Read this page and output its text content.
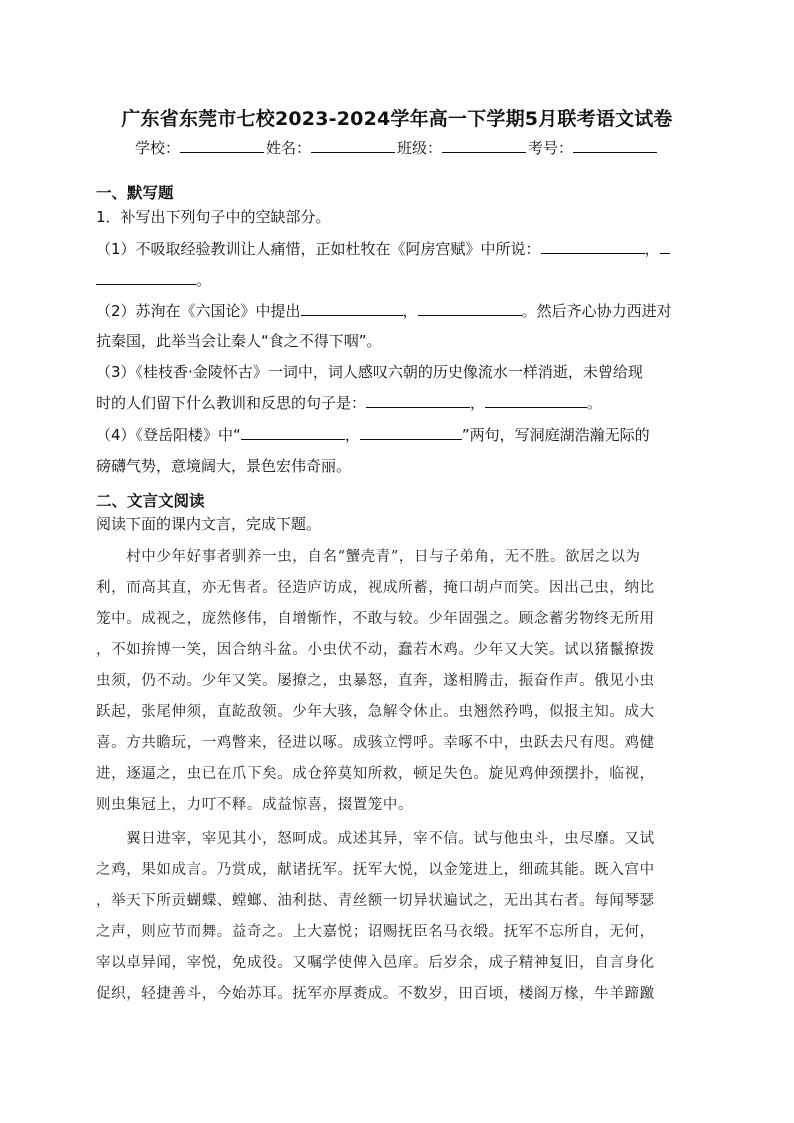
广东省东莞市七校2023-2024学年高一下学期5月联考语文试卷
学校：	姓名：	班级：	考号：
一、默写题
1．补写出下列句子中的空缺部分。
（1）不吸取经验教训让人痛惜，正如杜牧在《阿房宫赋》中所说：	，
。
（2）苏洵在《六国论》中提出	，	。然后齐心协力西进对
抗秦国，此举当会让秦人“食之不得下咽”。
（3）《桂枝香·金陵怀古》一词中，词人感叹六朝的历史像流水一样消逝，未曾给现
时的人们留下什么教训和反思的句子是：	，	。
（4）《登岳阳楼》中“	，	”两句，写洞庭湖浩瀚无际的
磅礴气势，意境阔大，景色宏伟奇丽。
二、文言文阅读
阅读下面的课内文言，完成下题。
　　村中少年好事者驯养一虫，自名“蟹壳青”，日与子弟角，无不胜。欲居之以为
利，而高其直，亦无售者。径造庐访成，视成所蓄，掩口胡卢而笑。因出己虫，纳比
笼中。成视之，庞然修伟，自增惭怍，不敢与较。少年固强之。顾念蓄劣物终无所用
，不如拚博一笑，因合纳斗盆。小虫伏不动，蠢若木鸡。少年又大笑。试以猪鬣撩拨
虫须，仍不动。少年又笑。屡撩之，虫暴怒，直奔，遂相腾击，振奋作声。俄见小虫
跃起，张尾伸须，直龁敌领。少年大骇，急解令休止。虫翘然矜鸣，似报主知。成大
喜。方共瞻玩，一鸡瞥来，径进以啄。成骇立愕呼。幸啄不中，虫跃去尺有咫。鸡健
进，逐逼之，虫已在爪下矣。成仓猝莫知所救，顿足失色。旋见鸡伸颈摆扑，临视，
则虫集冠上，力叮不释。成益惊喜，掇置笼中。
　　翼日进宰，宰见其小，怒呵成。成述其异，宰不信。试与他虫斗，虫尽靡。又试
之鸡，果如成言。乃赏成，献诸抚军。抚军大悦，以金笼进上，细疏其能。既入宫中
，举天下所贡蝴蝶、螳螂、油利挞、青丝额一切异状遍试之，无出其右者。每闻琴瑟
之声，则应节而舞。益奇之。上大嘉悦；诏赐抚臣名马衣缎。抚军不忘所自，无何，
宰以卓异闻，宰悦，免成役。又嘱学使俾入邑庠。后岁余，成子精神复旧，自言身化
促织，轻捷善斗，今始苏耳。抚军亦厚赉成。不数岁，田百顷，楼阁万椽，牛羊蹄躈
